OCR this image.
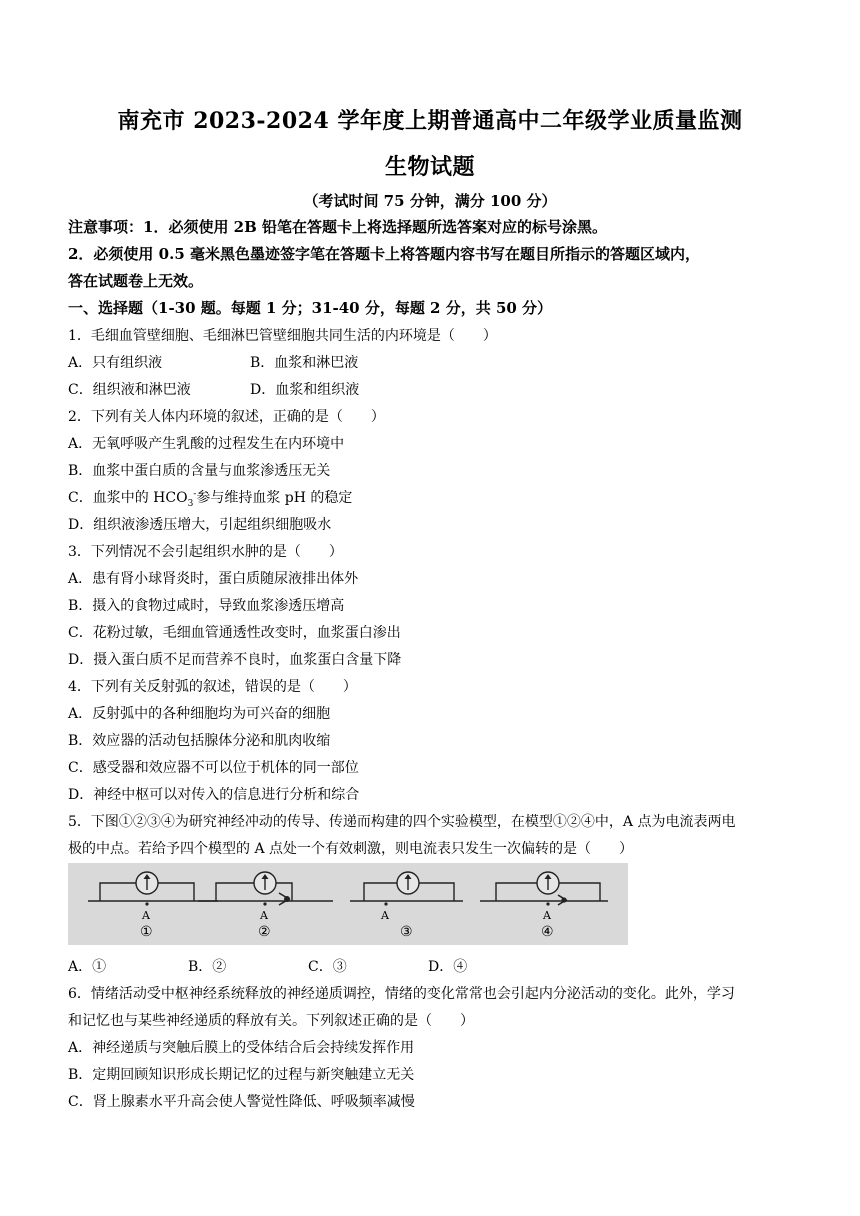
南充市 2023-2024 学年度上期普通高中二年级学业质量监测
生物试题
（考试时间 75 分钟，满分 100 分）
注意事项：1．必须使用 2B 铅笔在答题卡上将选择题所选答案对应的标号涂黑。
2．必须使用 0.5 毫米黑色墨迹签字笔在答题卡上将答题内容书写在题目所指示的答题区域内，
答在试题卷上无效。
一、选择题（1-30 题。每题 1 分；31-40 分，每题 2 分，共 50 分）
1．毛细血管壁细胞、毛细淋巴管壁细胞共同生活的内环境是（　　）
A．只有组织液	B．血浆和淋巴液
C．组织液和淋巴液	D．血浆和组织液
2．下列有关人体内环境的叙述，正确的是（　　）
A．无氧呼吸产生乳酸的过程发生在内环境中
B．血浆中蛋白质的含量与血浆渗透压无关
C．血浆中的 $HCO_3^-$参与维持血浆 pH 的稳定
D．组织液渗透压增大，引起组织细胞吸水
3．下列情况不会引起组织水肿的是（　　）
A．患有肾小球肾炎时，蛋白质随尿液排出体外
B．摄入的食物过咸时，导致血浆渗透压增高
C．花粉过敏，毛细血管通透性改变时，血浆蛋白渗出
D．摄入蛋白质不足而营养不良时，血浆蛋白含量下降
4．下列有关反射弧的叙述，错误的是（　　）
A．反射弧中的各种细胞均为可兴奋的细胞
B．效应器的活动包括腺体分泌和肌肉收缩
C．感受器和效应器不可以位于机体的同一部位
D．神经中枢可以对传入的信息进行分析和综合
5．下图①②③④为研究神经冲动的传导、传递而构建的四个实验模型，在模型①②④中，A 点为电流表两电
极的中点。若给予四个模型的 A 点处一个有效刺激，则电流表只发生一次偏转的是（　　）
A
①
A
②
A
③
A
④
A．①	B．②	C．③	D．④
6．情绪活动受中枢神经系统释放的神经递质调控，情绪的变化常常也会引起内分泌活动的变化。此外，学习
和记忆也与某些神经递质的释放有关。下列叙述正确的是（　　）
A．神经递质与突触后膜上的受体结合后会持续发挥作用
B．定期回顾知识形成长期记忆的过程与新突触建立无关
C．肾上腺素水平升高会使人警觉性降低、呼吸频率减慢
